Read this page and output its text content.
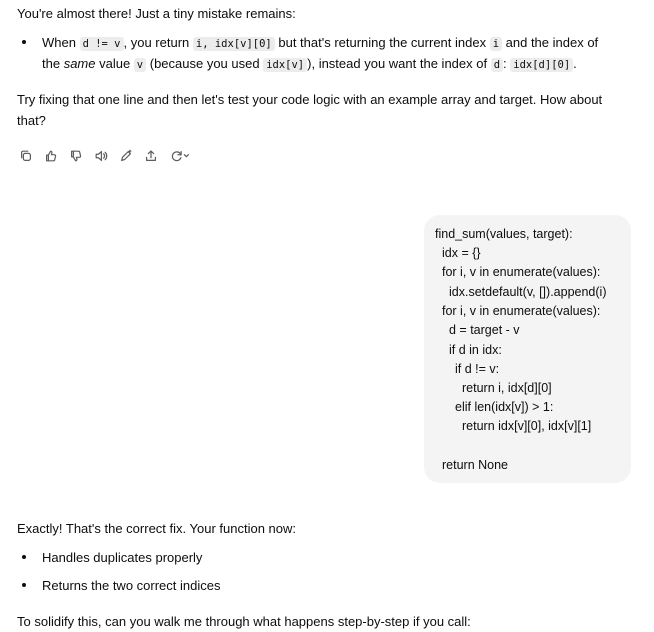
You're almost there! Just a tiny mistake remains:

When d != v , you return i, idx[v][0] but that's returning the current index i and the index of
the same value v (because you used idx[v] ), instead you want the index of d : idx[d][0] .

Try fixing that one line and then let's test your code logic with an example array and target. How about

that?

find_sum(values, target):
idx = {}
for i, v in enumerate(values):
idx.setdefault(v, []).append(i)
for i, v in enumerate(values):
d = target - v
if d in idx:
if d != v:
return i, idx[d][0]
elif len(idx[v]) > 1:
return idx[v][0], idx[v][1]
return None

Exactly! That's the correct fix. Your function now:

Handles duplicates properly
Returns the two correct indices

To solidify this, can you walk me through what happens step-by-step if you call:
